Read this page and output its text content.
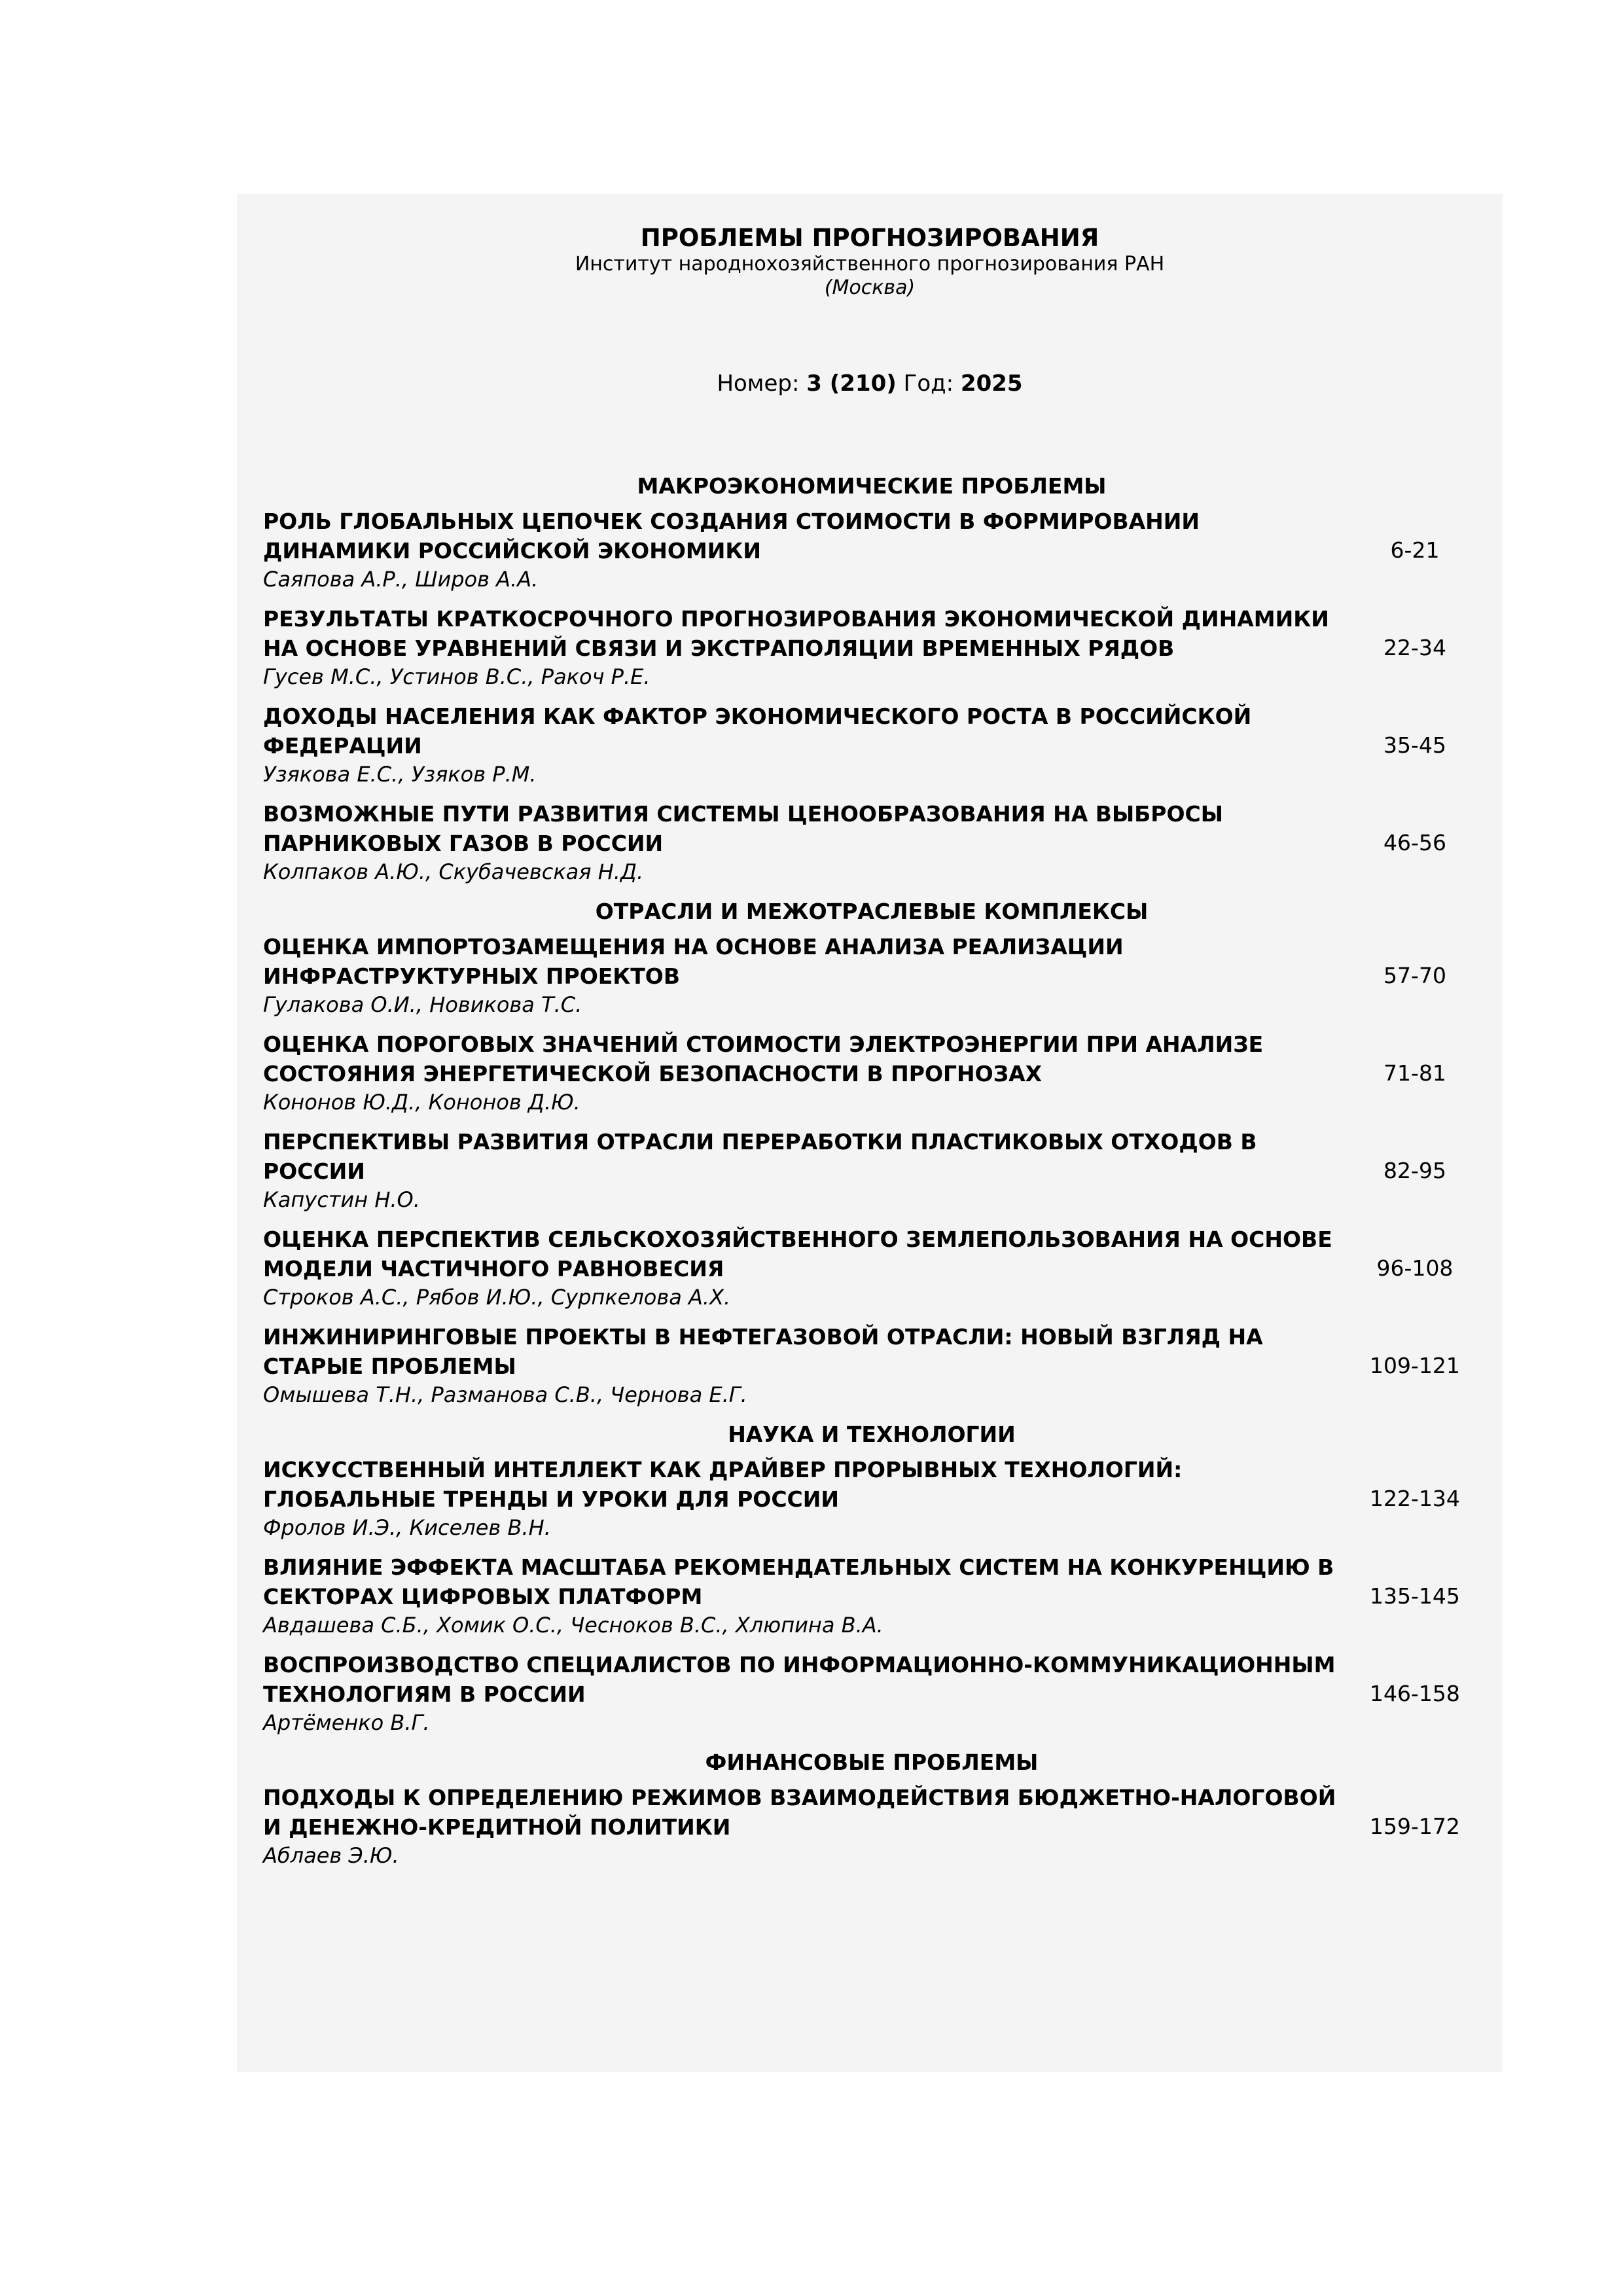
ПРОБЛЕМЫ ПРОГНОЗИРОВАНИЯ
Институт народнохозяйственного прогнозирования РАН
(Москва)
Номер: 3 (210) Год: 2025
МАКРОЭКОНОМИЧЕСКИЕ ПРОБЛЕМЫ
РОЛЬ ГЛОБАЛЬНЫХ ЦЕПОЧЕК СОЗДАНИЯ СТОИМОСТИ В ФОРМИРОВАНИИ ДИНАМИКИ РОССИЙСКОЙ ЭКОНОМИКИ
Саяпова А.Р., Широв А.А.
6-21
РЕЗУЛЬТАТЫ КРАТКОСРОЧНОГО ПРОГНОЗИРОВАНИЯ ЭКОНОМИЧЕСКОЙ ДИНАМИКИ НА ОСНОВЕ УРАВНЕНИЙ СВЯЗИ И ЭКСТРАПОЛЯЦИИ ВРЕМЕННЫХ РЯДОВ
Гусев М.С., Устинов В.С., Ракоч Р.Е.
22-34
ДОХОДЫ НАСЕЛЕНИЯ КАК ФАКТОР ЭКОНОМИЧЕСКОГО РОСТА В РОССИЙСКОЙ ФЕДЕРАЦИИ
Узякова Е.С., Узяков Р.М.
35-45
ВОЗМОЖНЫЕ ПУТИ РАЗВИТИЯ СИСТЕМЫ ЦЕНООБРАЗОВАНИЯ НА ВЫБРОСЫ ПАРНИКОВЫХ ГАЗОВ В РОССИИ
Колпаков А.Ю., Скубачевская Н.Д.
46-56
ОТРАСЛИ И МЕЖОТРАСЛЕВЫЕ КОМПЛЕКСЫ
ОЦЕНКА ИМПОРТОЗАМЕЩЕНИЯ НА ОСНОВЕ АНАЛИЗА РЕАЛИЗАЦИИ ИНФРАСТРУКТУРНЫХ ПРОЕКТОВ
Гулакова О.И., Новикова Т.С.
57-70
ОЦЕНКА ПОРОГОВЫХ ЗНАЧЕНИЙ СТОИМОСТИ ЭЛЕКТРОЭНЕРГИИ ПРИ АНАЛИЗЕ СОСТОЯНИЯ ЭНЕРГЕТИЧЕСКОЙ БЕЗОПАСНОСТИ В ПРОГНОЗАХ
Кононов Ю.Д., Кононов Д.Ю.
71-81
ПЕРСПЕКТИВЫ РАЗВИТИЯ ОТРАСЛИ ПЕРЕРАБОТКИ ПЛАСТИКОВЫХ ОТХОДОВ В РОССИИ
Капустин Н.О.
82-95
ОЦЕНКА ПЕРСПЕКТИВ СЕЛЬСКОХОЗЯЙСТВЕННОГО ЗЕМЛЕПОЛЬЗОВАНИЯ НА ОСНОВЕ МОДЕЛИ ЧАСТИЧНОГО РАВНОВЕСИЯ
Строков А.С., Рябов И.Ю., Сурпкелова А.Х.
96-108
ИНЖИНИРИНГОВЫЕ ПРОЕКТЫ В НЕФТЕГАЗОВОЙ ОТРАСЛИ: НОВЫЙ ВЗГЛЯД НА СТАРЫЕ ПРОБЛЕМЫ
Омышева Т.Н., Разманова С.В., Чернова Е.Г.
109-121
НАУКА И ТЕХНОЛОГИИ
ИСКУССТВЕННЫЙ ИНТЕЛЛЕКТ КАК ДРАЙВЕР ПРОРЫВНЫХ ТЕХНОЛОГИЙ: ГЛОБАЛЬНЫЕ ТРЕНДЫ И УРОКИ ДЛЯ РОССИИ
Фролов И.Э., Киселев В.Н.
122-134
ВЛИЯНИЕ ЭФФЕКТА МАСШТАБА РЕКОМЕНДАТЕЛЬНЫХ СИСТЕМ НА КОНКУРЕНЦИЮ В СЕКТОРАХ ЦИФРОВЫХ ПЛАТФОРМ
Авдашева С.Б., Хомик О.С., Чесноков В.С., Хлюпина В.А.
135-145
ВОСПРОИЗВОДСТВО СПЕЦИАЛИСТОВ ПО ИНФОРМАЦИОННО-КОММУНИКАЦИОННЫМ ТЕХНОЛОГИЯМ В РОССИИ
Артёменко В.Г.
146-158
ФИНАНСОВЫЕ ПРОБЛЕМЫ
ПОДХОДЫ К ОПРЕДЕЛЕНИЮ РЕЖИМОВ ВЗАИМОДЕЙСТВИЯ БЮДЖЕТНО-НАЛОГОВОЙ И ДЕНЕЖНО-КРЕДИТНОЙ ПОЛИТИКИ
Аблаев Э.Ю.
159-172
